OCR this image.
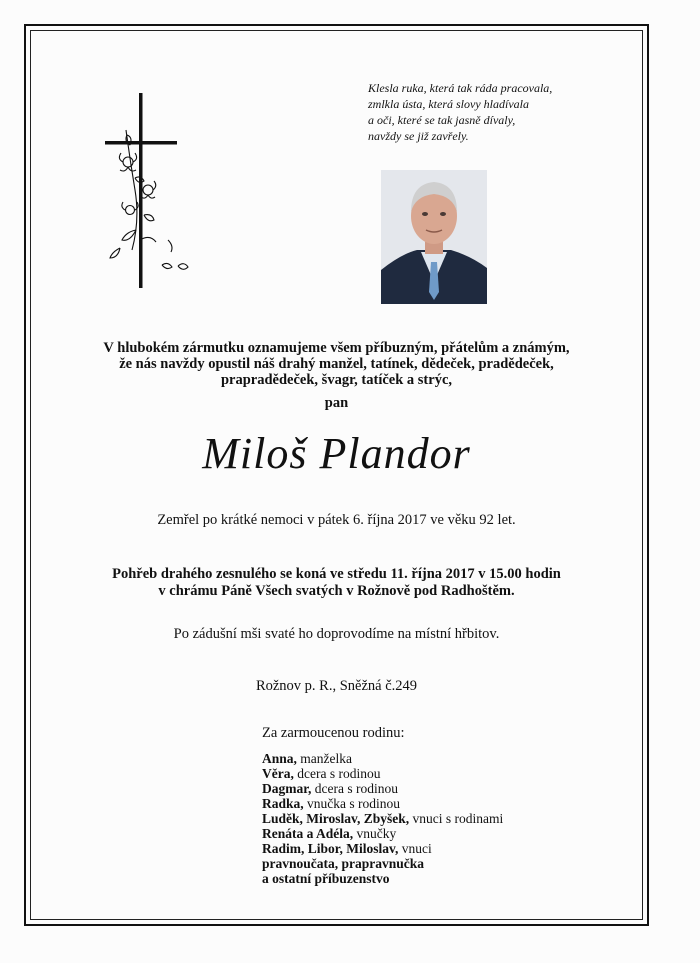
Klesla ruka, která tak ráda pracovala,
zmlkla ústa, která slovy hladívala
a oči, které se tak jasně dívaly,
navždy se již zavřely.
V hlubokém zármutku oznamujeme všem příbuzným, přátelům a známým,
že nás navždy opustil náš drahý manžel, tatínek, dědeček, pradědeček,
prapradědeček, švagr, tatíček a strýc,
pan
Miloš Plandor
Zemřel po krátké nemoci v pátek 6. října 2017 ve věku 92 let.
Pohřeb drahého zesnulého se koná ve středu 11. října 2017 v 15.00 hodin
v chrámu Páně Všech svatých v Rožnově pod Radhoštěm.
Po zádušní mši svaté ho doprovodíme na místní hřbitov.
Rožnov p. R., Sněžná č.249
Za zarmoucenou rodinu:
Anna, manželka
Věra, dcera s rodinou
Dagmar, dcera s rodinou
Radka, vnučka s rodinou
Luděk, Miroslav, Zbyšek, vnuci s rodinami
Renáta a Adéla, vnučky
Radim, Libor, Miloslav, vnuci
pravnoučata, prapravnučka
a ostatní příbuzenstvo
